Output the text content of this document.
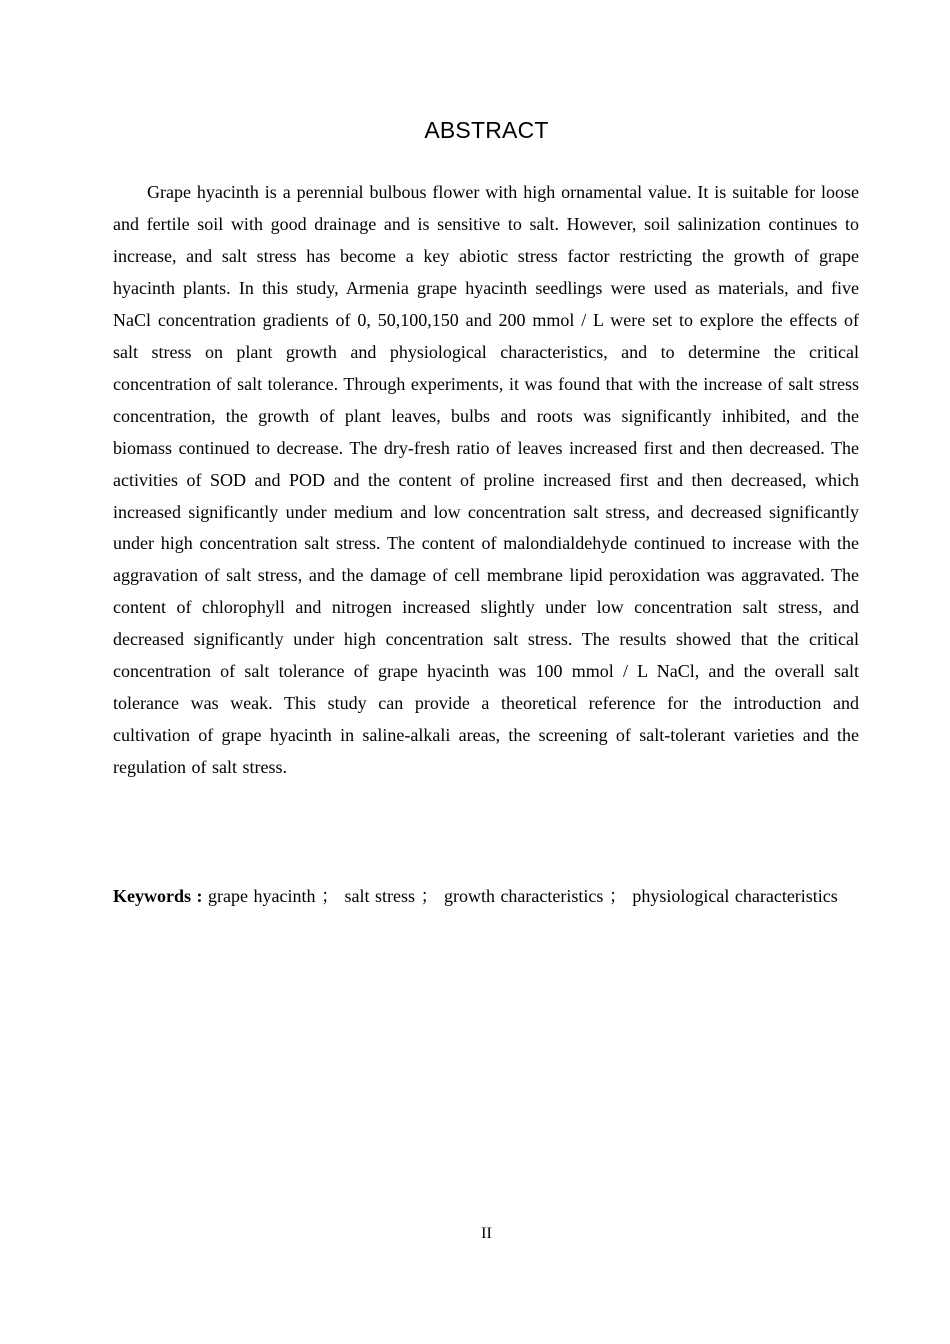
ABSTRACT

Grape hyacinth is a perennial bulbous flower with high ornamental value. It is suitable for loose and fertile soil with good drainage and is sensitive to salt. However, soil salinization continues to increase, and salt stress has become a key abiotic stress factor restricting the growth of grape hyacinth plants. In this study, Armenia grape hyacinth seedlings were used as materials, and five NaCl concentration gradients of 0, 50,100,150 and 200 mmol / L were set to explore the effects of salt stress on plant growth and physiological characteristics, and to determine the critical concentration of salt tolerance. Through experiments, it was found that with the increase of salt stress concentration, the growth of plant leaves, bulbs and roots was significantly inhibited, and the biomass continued to decrease. The dry-fresh ratio of leaves increased first and then decreased. The activities of SOD and POD and the content of proline increased first and then decreased, which increased significantly under medium and low concentration salt stress, and decreased significantly under high concentration salt stress. The content of malondialdehyde continued to increase with the aggravation of salt stress, and the damage of cell membrane lipid peroxidation was aggravated. The content of chlorophyll and nitrogen increased slightly under low concentration salt stress, and decreased significantly under high concentration salt stress. The results showed that the critical concentration of salt tolerance of grape hyacinth was 100 mmol / L NaCl, and the overall salt tolerance was weak. This study can provide a theoretical reference for the introduction and cultivation of grape hyacinth in saline-alkali areas, the screening of salt-tolerant varieties and the regulation of salt stress.

Keywords : grape hyacinth ； salt stress ； growth characteristics ； physiological characteristics

II
